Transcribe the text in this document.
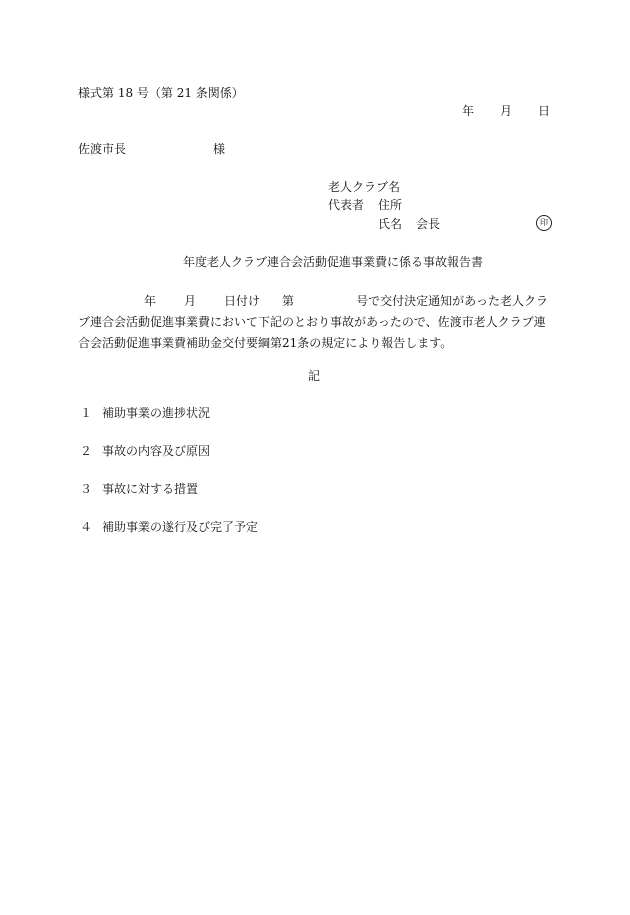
様式第 18 号（第 21 条関係）
年 月 日
佐渡市長	様
老人クラブ名
代表者 住所
氏名 会長	印
年度老人クラブ連合会活動促進事業費に係る事故報告書
年 月 日付け 第	号で交付決定通知があった老人クラブ連合会活動促進事業費において下記のとおり事故があったので、佐渡市老人クラブ連合会活動促進事業費補助金交付要綱第21条の規定により報告します。
記
１ 補助事業の進捗状況
２ 事故の内容及び原因
３ 事故に対する措置
４ 補助事業の遂行及び完了予定
